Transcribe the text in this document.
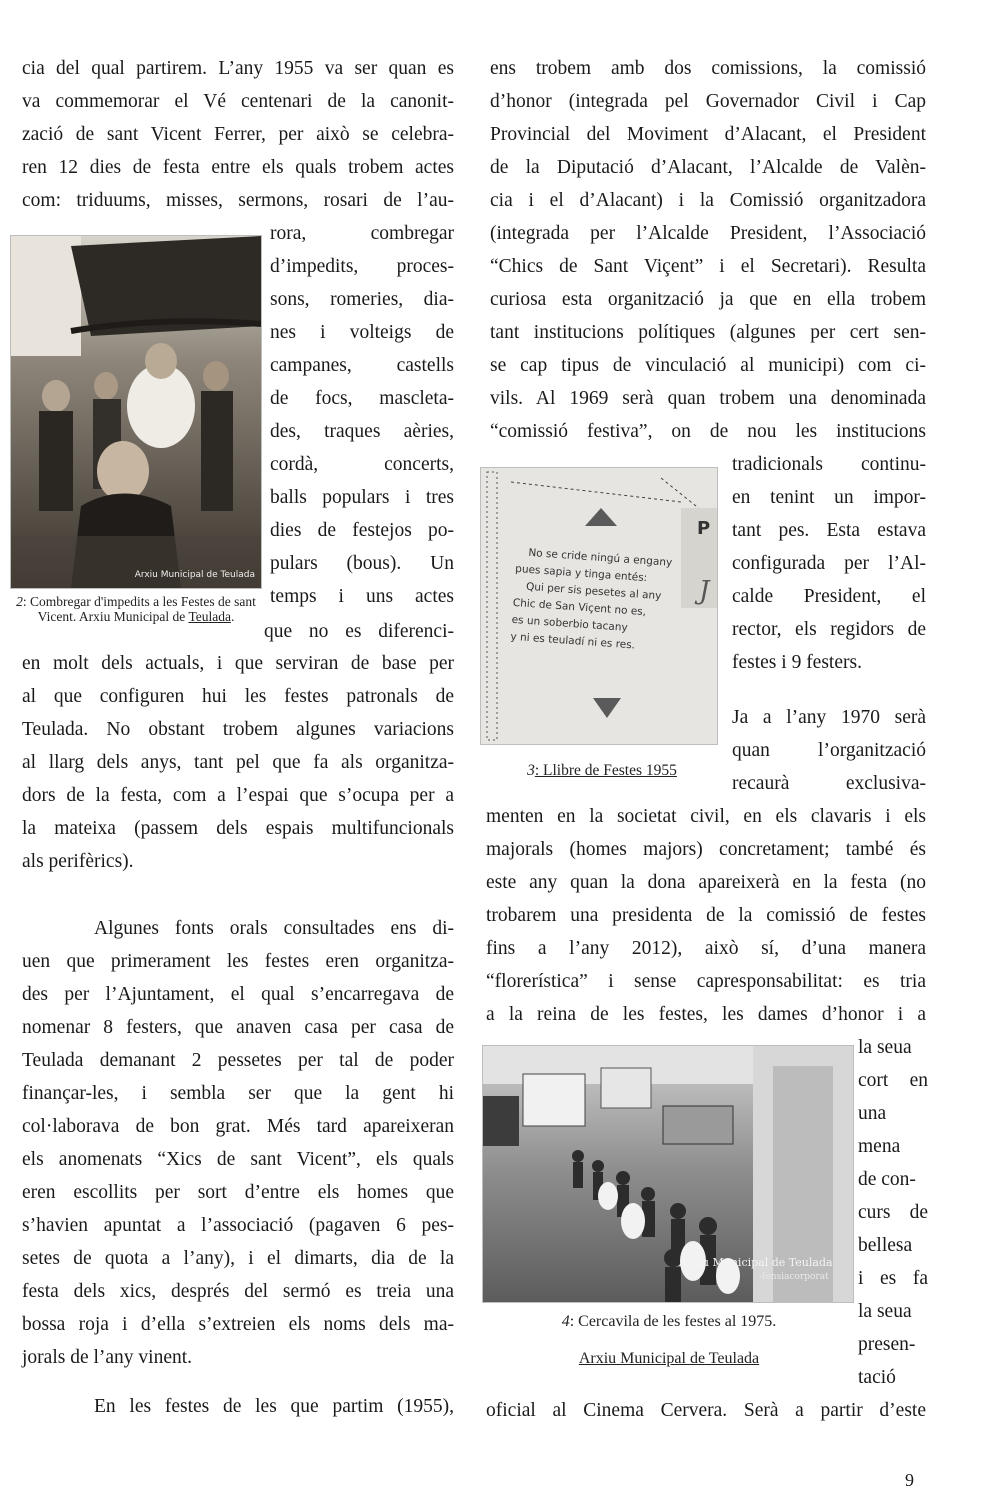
cia del qual partirem. L’any 1955 va ser quan es
va commemorar el Vé centenari de la canonit-
zació de sant Vicent Ferrer, per això se celebra-
ren 12 dies de festa entre els quals trobem actes
com: triduums, misses, sermons, rosari de l’au-
rora, combregar
d’impedits, proces-
sons, romeries, dia-
nes i volteigs de
campanes, castells
de focs, mascleta-
des, traques aèries,
cordà, concerts,
balls populars i tres
dies de festejos po-
pulars (bous). Un
temps i uns actes
que no es diferenci-
en molt dels actuals, i que serviran de base per
al que configuren hui les festes patronals de
Teulada. No obstant trobem algunes variacions
al llarg dels anys, tant pel que fa als organitza-
dors de la festa, com a l’espai que s’ocupa per a
la mateixa (passem dels espais multifuncionals
als perifèrics).
Algunes fonts orals consultades ens di-
uen que primerament les festes eren organitza-
des per l’Ajuntament, el qual s’encarregava de
nomenar 8 festers, que anaven casa per casa de
Teulada demanant 2 pessetes per tal de poder
finançar-les, i sembla ser que la gent hi
col·laborava de bon grat. Més tard apareixeran
els anomenats “Xics de sant Vicent”, els quals
eren escollits per sort d’entre els homes que
s’havien apuntat a l’associació (pagaven 6 pes-
setes de quota a l’any), i el dimarts, dia de la
festa dels xics, després del sermó es treia una
bossa roja i d’ella s’extreien els noms dels ma-
jorals de l’any vinent.
En les festes de les que partim (1955),
Arxiu Municipal de Teulada
2: Combregar d'impedits a les Festes de sant Vicent. Arxiu Municipal de Teulada.
ens trobem amb dos comissions, la comissió
d’honor (integrada pel Governador Civil i Cap
Provincial del Moviment d’Alacant, el President
de la Diputació d’Alacant, l’Alcalde de Valèn-
cia i el d’Alacant) i la Comissió organitzadora
(integrada per l’Alcalde President, l’Associació
“Chics de Sant Viçent” i el Secretari). Resulta
curiosa esta organització ja que en ella trobem
tant institucions polítiques (algunes per cert sen-
se cap tipus de vinculació al municipi) com ci-
vils. Al 1969 serà quan trobem una denominada
“comissió festiva”, on de nou les institucions
tradicionals continu-
en tenint un impor-
tant pes. Esta estava
configurada per l’Al-
calde President, el
rector, els regidors de
festes i 9 festers.
Ja a l’any 1970 serà
quan l’organització
recaurà exclusiva-
menten en la societat civil, en els clavaris i els
majorals (homes majors) concretament; també és
este any quan la dona apareixerà en la festa (no
trobarem una presidenta de la comissió de festes
fins a l’any 2012), això sí, d’una manera
“florerística” i sense capresponsabilitat: es tria
a la reina de les festes, les dames d’honor i a
la seua
cort en
una
mena
de con-
curs de
bellesa
i es fa
la seua
presen-
tació
oficial al Cinema Cervera. Serà a partir d’este
No se cride ningú a engany
pues sapia y tinga entés:
Qui per sis pesetes al any
Chic de San Viçent no es,
es un soberbio tacany
y ni es teuladí ni es res.
P
J
3: Llibre de Festes 1955
Arxiu Municipal de Teulada
-fonsiacorporat
4: Cercavila de les festes al 1975.
Arxiu Municipal de Teulada
9
